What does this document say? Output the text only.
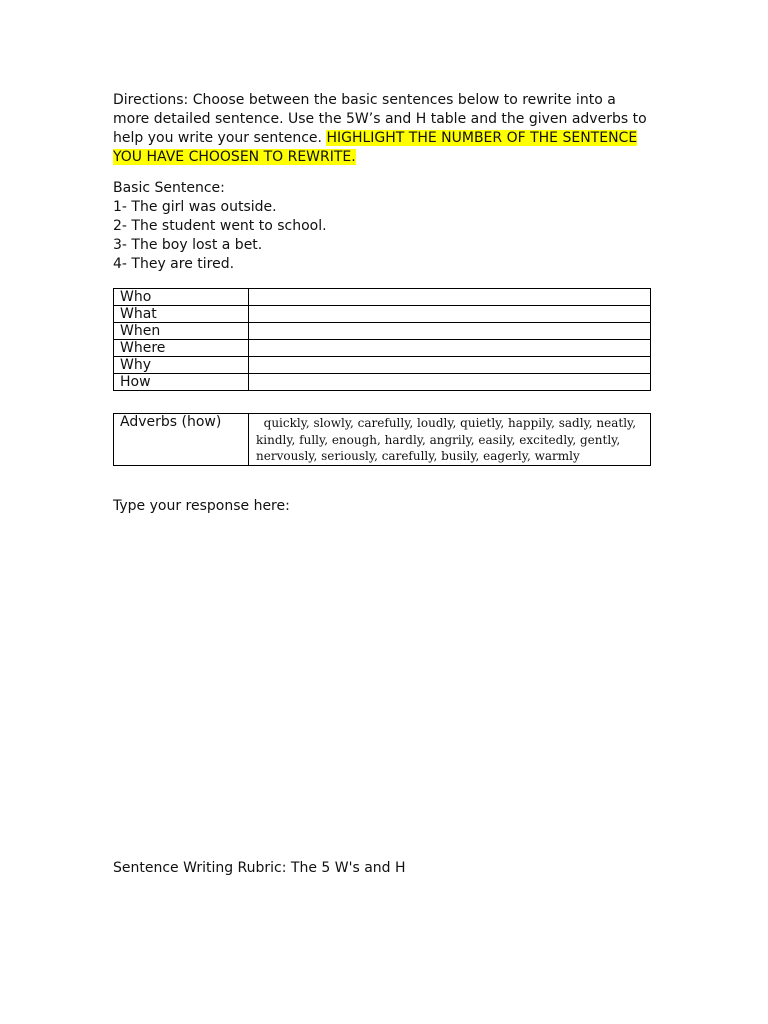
Directions: Choose between the basic sentences below to rewrite into a more detailed sentence. Use the 5W’s and H table and the given adverbs to help you write your sentence. HIGHLIGHT THE NUMBER OF THE SENTENCE YOU HAVE CHOOSEN TO REWRITE.

Basic Sentence:
1- The girl was outside.
2- The student went to school.
3- The boy lost a bet.
4- They are tired.
Who	
What	
When	
Where	
Why	
How	
Adverbs (how)	quickly, slowly, carefully, loudly, quietly, happily, sadly, neatly, kindly, fully, enough, hardly, angrily, easily, excitedly, gently, nervously, seriously, carefully, busily, eagerly, warmly
Type your response here:
Sentence Writing Rubric: The 5 W's and H
